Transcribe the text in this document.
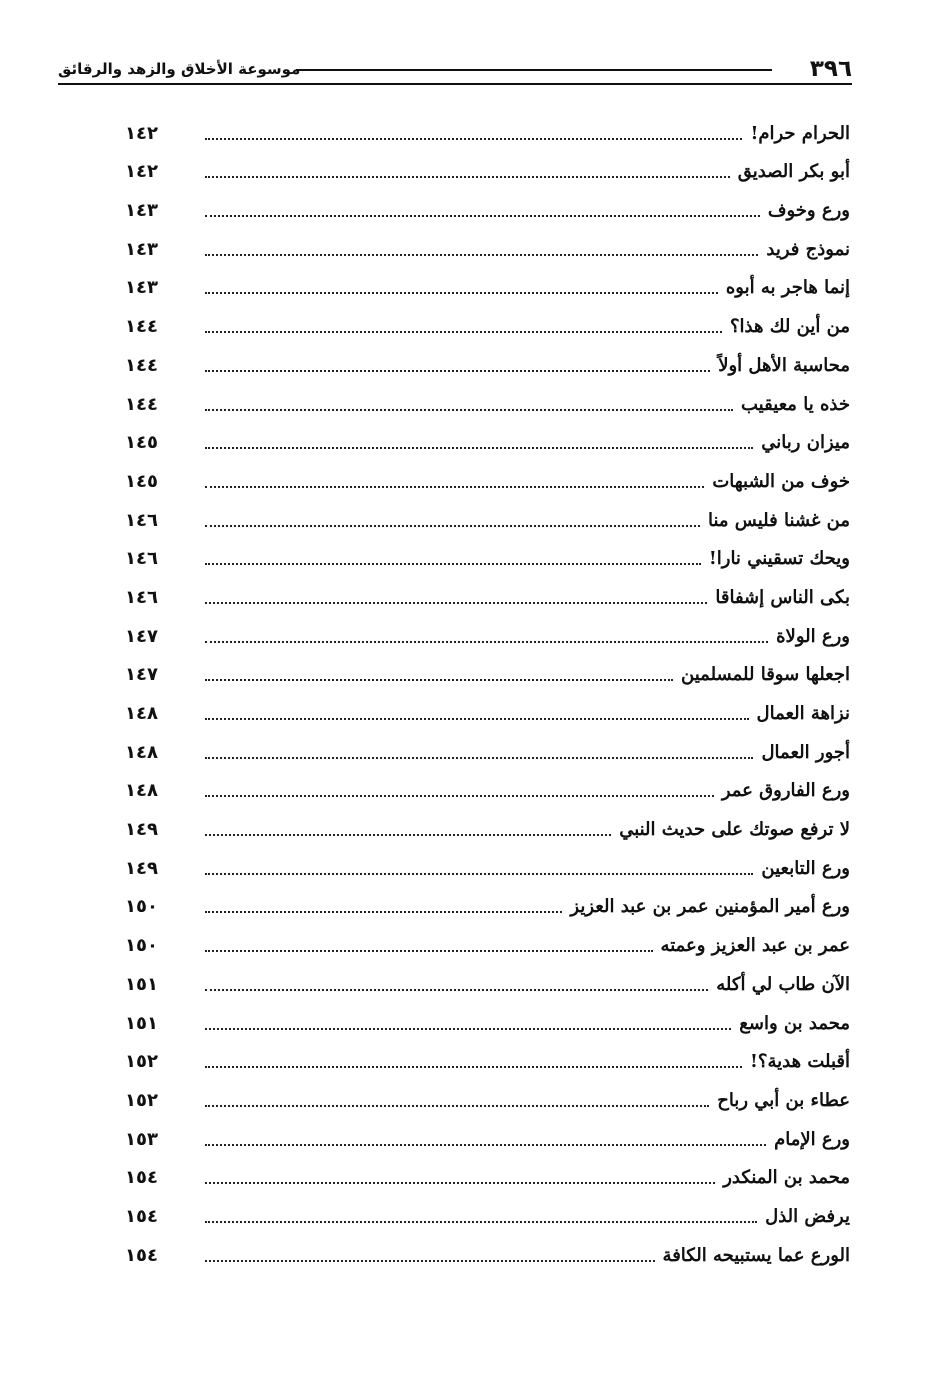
٣٩٦
موسوعة الأخلاق والزهد والرقائق
الحرام حرام!
١٤٢
أبو بكر الصديق
١٤٢
ورع وخوف
١٤٣
نموذج فريد
١٤٣
إنما هاجر به أبوه
١٤٣
من أين لك هذا؟
١٤٤
محاسبة الأهل أولاً
١٤٤
خذه يا معيقيب
١٤٤
ميزان رباني
١٤٥
خوف من الشبهات
١٤٥
من غشنا فليس منا
١٤٦
ويحك تسقيني نارا!
١٤٦
بكى الناس إشفاقا
١٤٦
ورع الولاة
١٤٧
اجعلها سوقا للمسلمين
١٤٧
نزاهة العمال
١٤٨
أجور العمال
١٤٨
ورع الفاروق عمر
١٤٨
لا ترفع صوتك على حديث النبي
١٤٩
ورع التابعين
١٤٩
ورع أمير المؤمنين عمر بن عبد العزيز
١٥٠
عمر بن عبد العزيز وعمته
١٥٠
الآن طاب لي أكله
١٥١
محمد بن واسع
١٥١
أقبلت هدية؟!
١٥٢
عطاء بن أبي رباح
١٥٢
ورع الإمام
١٥٣
محمد بن المنكدر
١٥٤
يرفض الذل
١٥٤
الورع عما يستبيحه الكافة
١٥٤
